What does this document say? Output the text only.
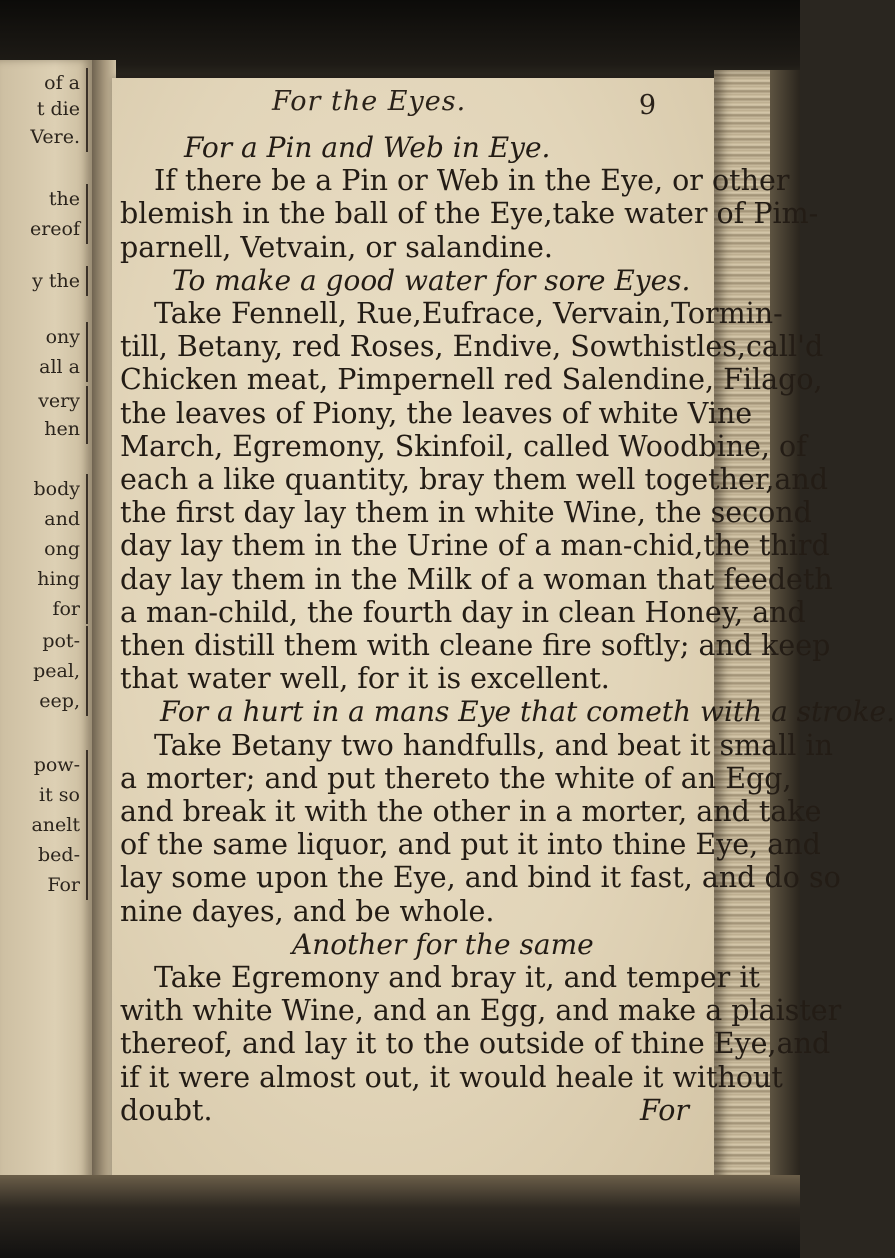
of a
t die
Vere.
the
ereof
y the
ony
all a
very
hen
body
and
ong
hing
for
pot-
peal,
eep,
pow-
it so
anelt
bed-
For
For the Eyes.	9
For a Pin and Web in Eye.
If there be a Pin or Web in the Eye, or other
blemish in the ball of the Eye,take water of Pim-
parnell, Vetvain, or salandine.
To make a good water for sore Eyes.
Take Fennell, Rue,Eufrace, Vervain,Tormin-
till, Betany, red Roses, Endive, Sowthistles,call'd
Chicken meat, Pimpernell red Salendine, Filago,
the leaves of Piony, the leaves of white Vine
March, Egremony, Skinfoil, called Woodbine, of
each a like quantity, bray them well together,and
the first day lay them in white Wine, the second
day lay them in the Urine of a man-chid,the third
day lay them in the Milk of a woman that feedeth
a man-child, the fourth day in clean Honey, and
then distill them with cleane fire softly; and keep
that water well, for it is excellent.
For a hurt in a mans Eye that cometh with a stroke.
Take Betany two handfulls, and beat it small in
a morter; and put thereto the white of an Egg,
and break it with the other in a morter, and take
of the same liquor, and put it into thine Eye, and
lay some upon the Eye, and bind it fast, and do so
nine dayes, and be whole.
Another for the same
Take Egremony and bray it, and temper it
with white Wine, and an Egg, and make a plaister
thereof, and lay it to the outside of thine Eye,and
if it were almost out, it would heale it without
doubt.	For
